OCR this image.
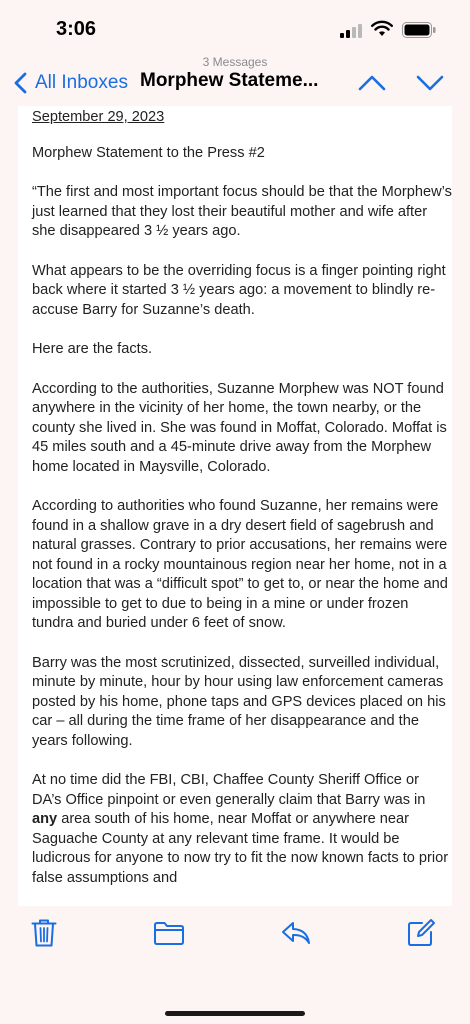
3:06
3 Messages
All Inboxes Morphew Stateme...

September 29, 2023

Morphew Statement to the Press #2

“The first and most important focus should be that the Morphew’s just learned that they lost their beautiful mother and wife after she disappeared 3 ½ years ago.

What appears to be the overriding focus is a finger pointing right back where it started 3 ½ years ago: a movement to blindly re-accuse Barry for Suzanne’s death.

Here are the facts.

According to the authorities, Suzanne Morphew was NOT found anywhere in the vicinity of her home, the town nearby, or the county she lived in. She was found in Moffat, Colorado. Moffat is 45 miles south and a 45-minute drive away from the Morphew home located in Maysville, Colorado.

According to authorities who found Suzanne, her remains were found in a shallow grave in a dry desert field of sagebrush and natural grasses. Contrary to prior accusations, her remains were not found in a rocky mountainous region near her home, not in a location that was a “difficult spot” to get to, or near the home and impossible to get to due to being in a mine or under frozen tundra and buried under 6 feet of snow.

Barry was the most scrutinized, dissected, surveilled individual, minute by minute, hour by hour using law enforcement cameras posted by his home, phone taps and GPS devices placed on his car – all during the time frame of her disappearance and the years following.

At no time did the FBI, CBI, Chaffee County Sheriff Office or DA’s Office pinpoint or even generally claim that Barry was in any area south of his home, near Moffat or anywhere near Saguache County at any relevant time frame. It would be ludicrous for anyone to now try to fit the now known facts to prior false assumptions and
